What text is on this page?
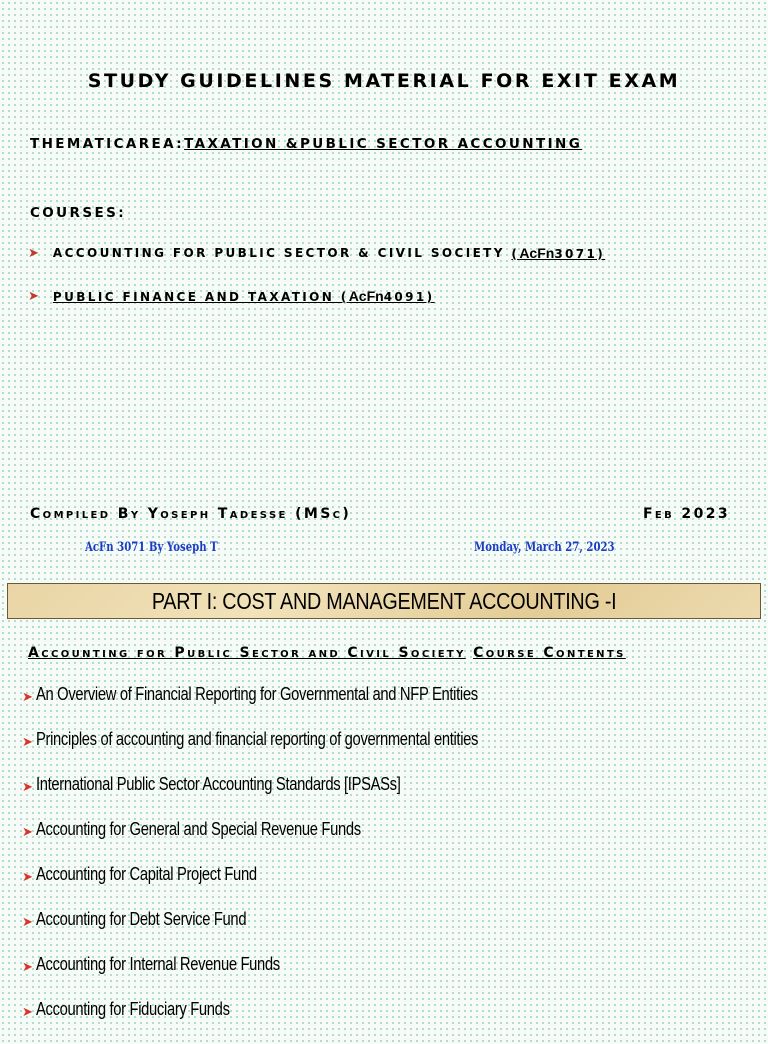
STUDY GUIDELINES MATERIAL FOR EXIT EXAM
THEMATICAREA:TAXATION &PUBLIC SECTOR ACCOUNTING
COURSES:
➤ ACCOUNTING FOR PUBLIC SECTOR & CIVIL SOCIETY
(AcFn3071)
➤ PUBLIC FINANCE AND TAXATION (AcFn4091)
Compiled By Yoseph Tadesse (MSc)	Feb 2023
AcFn 3071 By Yoseph T	Monday, March 27, 2023
PART I: COST AND MANAGEMENT ACCOUNTING -I
Accounting for Public Sector and Civil Society Course Contents
➤ An Overview of Financial Reporting for Governmental and NFP Entities
➤ Principles of accounting and financial reporting of governmental entities
➤ International Public Sector Accounting Standards [IPSASs]
➤ Accounting for General and Special Revenue Funds
➤ Accounting for Capital Project Fund
➤ Accounting for Debt Service Fund
➤ Accounting for Internal Revenue Funds
➤ Accounting for Fiduciary Funds
